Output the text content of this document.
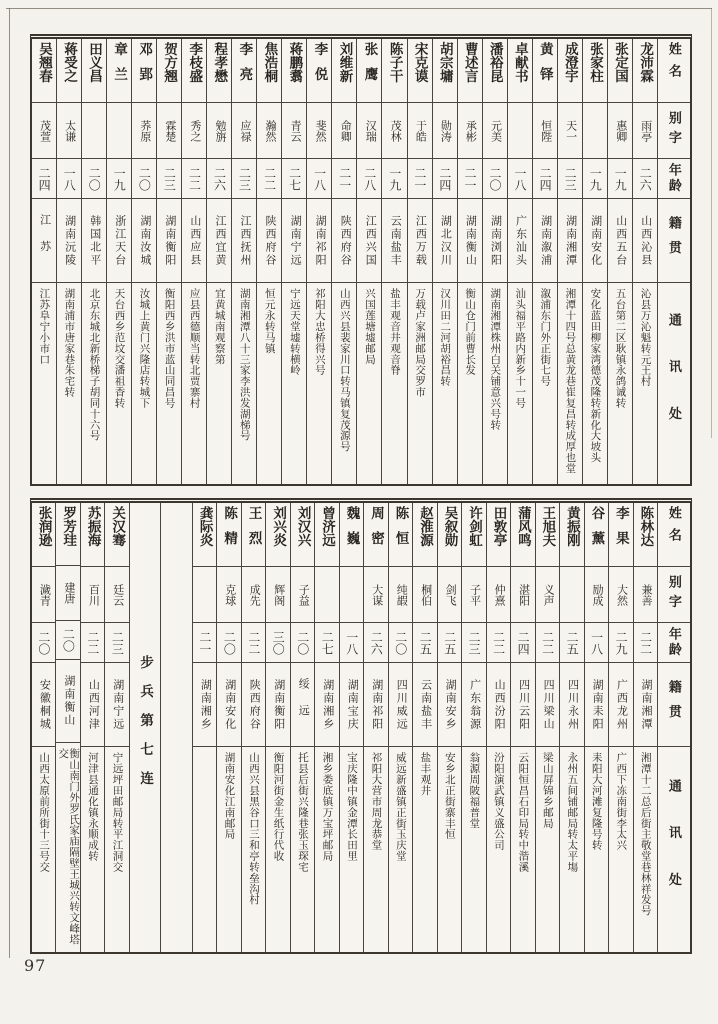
姓名
别字
年龄
籍贯
通讯处
龙沛霖
雨亭
二六
山西沁县
沁县万沁魁转元王村
张定国
惠卿
一九
山西五台
五台第二区耿镇永鸽诚转
张家柱
一九
湖南安化
安化蓝田柳家湾德茂隆转新化大坡头
成澄宇
天一
二三
湖南湘潭
湘潭十四号总黄龙巷崔复昌转成厚也堂
黄铎
恒陛
二四
湖南溆浦
溆浦东门外正街七号
卓献书
一八
广东汕头
汕头福平路内新乡十一号
潘裕昆
元美
二〇
湖南浏阳
湖南湘潭株州白关铺意兴号转
曹述言
承彬
二一
湖南衡山
衡山仓门前曹长发
胡宗墉
勋涛
二四
湖北汉川
汉川田二河胡裕昌转
宋克谟
于皓
二一
江西万载
万载卢家洲邮局交罗市
陈子干
茂林
一九
云南盐丰
盐丰观音井观音脊
张鹰
汉瑞
二八
江西兴国
兴国莲塘墟邮局
刘维新
命卿
二一
陕西府谷
山西兴县裴家川口转马镇复茂源号
李侻
斐然
一八
湖南祁阳
祁阳大忠桥得兴号
蒋鹏翥
青云
二七
湖南宁远
宁远天堂墟转横岭
焦浩桐
瀚然
二二
陕西府谷
恒元永转马镇
李亮
应禄
二三
江西抚州
湖南湘潭八十三家李洪发湖梯号
程孝懋
勉旃
二六
江西宜黄
宜黄城南观察第
李枝盛
秀之
二二
山西应县
应县西德顺当转北贾寨村
贺方翘
霖楚
二三
湖南衡阳
衡阳西乡洪市蓝山同昌号
邓郢
荞原
二〇
湖南汝城
汝城上黄门兴隆店转城下
章兰
一九
浙江天台
天台西乡范坟交潘祖香转
田义昌
二〇
韩国北平
北京东城北新桥梯子胡同十六号
蒋受之
太谦
一八
湖南沅陵
湖南浦市唐家巷朱宅转
吴翘春
茂萱
二四
江苏
江苏阜宁小市口
姓名
别字
年龄
籍贯
通讯处
陈林达
兼善
二二
湖南湘潭
湘潭十二总后街主敬堂巷林祥发号
李果
大然
二九
广西龙州
广西下冻南街李太兴
谷薰
励成
一八
湖南耒阳
耒阳大河滩复隆号转
黄振刚
二五
四川永州
永州五间铺邮局转太平塲
王旭夫
义声
二二
四川梁山
梁山屏锦乡邮局
蒲风鸣
湛阳
二四
四川云阳
云阳恒昌石印局转中湝溪
田敦亭
仲熹
二二
山西汾阳
汾阳演武镇义盛公司
许剑虹
子平
二三
广东翁源
翁源周陂福普堂
吴叙勋
剑飞
二五
湖南安乡
安乡北正街寨丰恒
赵淮源
桐伯
二五
云南盐丰
盐丰观井
陈恒
纯嘏
二〇
四川威远
威远新盛镇正街玉庆堂
周密
大谋
二六
湖南祁阳
祁阳大营市周龙恭堂
魏巍
一八
湖南宝庆
宝庆隆中镇金潭长田里
曾济远
二七
湖南湘乡
湘乡娄底镇万宝坪邮局
刘汉兴
子益
二〇
绥远
托县后街兴隆巷张玉琛宅
刘兴炎
辉阁
三〇
湖南衡阳
衡阳河街金生纸行代收
王烈
成先
二二
陕西府谷
山西兴县黑谷口三和亭转垒沟村
陈精
克球
二〇
湖南安化
湖南安化江南邮局
龚际炎
二一
湖南湘乡
步兵第七连
关汉骞
廷云
二三
湖南宁远
宁远坪田邮局转平江洞交
苏振海
百川
二二
山西河津
河津县通化镇永顺成转
罗芳珪
建唐
二〇
湖南衡山
衡山南门外罗氏家庙隔壁王城兴转文峰塔交
张润逊
濊青
二〇
安徽桐城
山西太原前所街十三号交
97
